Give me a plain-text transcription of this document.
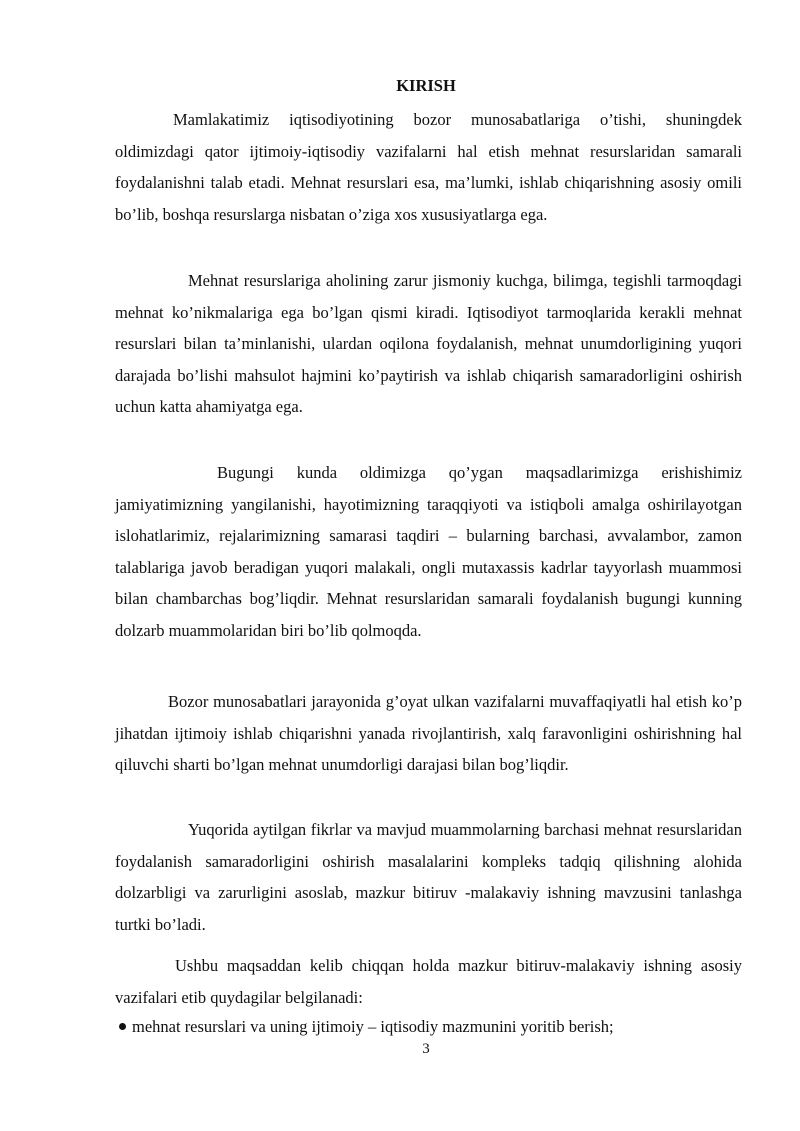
KIRISH

Mamlakatimiz iqtisodiyotining bozor munosabatlariga o’tishi, shuningdek oldimizdagi qator ijtimoiy-iqtisodiy vazifalarni hal etish mehnat resurslaridan samarali foydalanishni talab etadi. Mehnat resurslari esa, ma’lumki, ishlab chiqarishning asosiy omili bo’lib, boshqa resurslarga nisbatan o’ziga xos xususiyatlarga ega.

Mehnat resurslariga aholining zarur jismoniy kuchga, bilimga, tegishli tarmoqdagi mehnat ko’nikmalariga ega bo’lgan qismi kiradi. Iqtisodiyot tarmoqlarida kerakli mehnat resurslari bilan ta’minlanishi, ulardan oqilona foydalanish, mehnat unumdorligining yuqori darajada bo’lishi mahsulot hajmini ko’paytirish va ishlab chiqarish samaradorligini oshirish uchun katta ahamiyatga ega.

Bugungi kunda oldimizga qo’ygan maqsadlarimizga erishishimiz jamiyatimizning yangilanishi, hayotimizning taraqqiyoti va istiqboli amalga oshirilayotgan islohatlarimiz, rejalarimizning samarasi taqdiri – bularning barchasi, avvalambor, zamon talablariga javob beradigan yuqori malakali, ongli mutaxassis kadrlar tayyorlash muammosi bilan chambarchas bog’liqdir. Mehnat resurslaridan samarali foydalanish bugungi kunning dolzarb muammolaridan biri bo’lib qolmoqda.

Bozor munosabatlari jarayonida g’oyat ulkan vazifalarni muvaffaqiyatli hal etish ko’p jihatdan ijtimoiy ishlab chiqarishni yanada rivojlantirish, xalq faravonligini oshirishning hal qiluvchi sharti bo’lgan mehnat unumdorligi darajasi bilan bog’liqdir.

Yuqorida aytilgan fikrlar va mavjud muammolarning barchasi mehnat resurslaridan foydalanish samaradorligini oshirish masalalarini kompleks tadqiq qilishning alohida dolzarbligi va zarurligini asoslab, mazkur bitiruv -malakaviy ishning mavzusini tanlashga turtki bo’ladi.

Ushbu maqsaddan kelib chiqqan holda mazkur bitiruv-malakaviy ishning asosiy vazifalari etib quydagilar belgilanadi:

mehnat resurslari va uning ijtimoiy – iqtisodiy mazmunini yoritib berish;
3
